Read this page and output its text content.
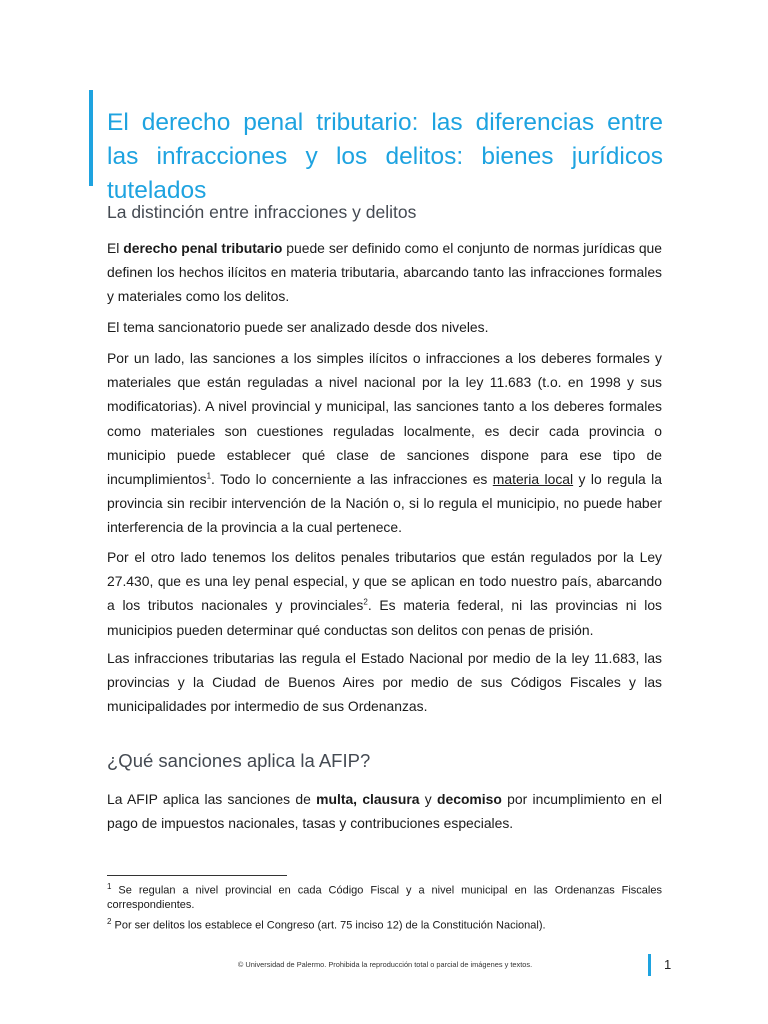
El derecho penal tributario: las diferencias entre las infracciones y los delitos: bienes jurídicos tutelados
La distinción entre infracciones y delitos

El derecho penal tributario puede ser definido como el conjunto de normas jurídicas que definen los hechos ilícitos en materia tributaria, abarcando tanto las infracciones formales y materiales como los delitos.

El tema sancionatorio puede ser analizado desde dos niveles.

Por un lado, las sanciones a los simples ilícitos o infracciones a los deberes formales y materiales que están reguladas a nivel nacional por la ley 11.683 (t.o. en 1998 y sus modificatorias). A nivel provincial y municipal, las sanciones tanto a los deberes formales como materiales son cuestiones reguladas localmente, es decir cada provincia o municipio puede establecer qué clase de sanciones dispone para ese tipo de incumplimientos$^1$. Todo lo concerniente a las infracciones es materia local y lo regula la provincia sin recibir intervención de la Nación o, si lo regula el municipio, no puede haber interferencia de la provincia a la cual pertenece.

Por el otro lado tenemos los delitos penales tributarios que están regulados por la Ley 27.430, que es una ley penal especial, y que se aplican en todo nuestro país, abarcando a los tributos nacionales y provinciales$^2$. Es materia federal, ni las provincias ni los municipios pueden determinar qué conductas son delitos con penas de prisión.

Las infracciones tributarias las regula el Estado Nacional por medio de la ley 11.683, las provincias y la Ciudad de Buenos Aires por medio de sus Códigos Fiscales y las municipalidades por intermedio de sus Ordenanzas.

¿Qué sanciones aplica la AFIP?

La AFIP aplica las sanciones de multa, clausura y decomiso por incumplimiento en el pago de impuestos nacionales, tasas y contribuciones especiales.

$^1$ Se regulan a nivel provincial en cada Código Fiscal y a nivel municipal en las Ordenanzas Fiscales correspondientes.

$^2$ Por ser delitos los establece el Congreso (art. 75 inciso 12) de la Constitución Nacional).

© Universidad de Palermo. Prohibida la reproducción total o parcial de imágenes y textos.	1
